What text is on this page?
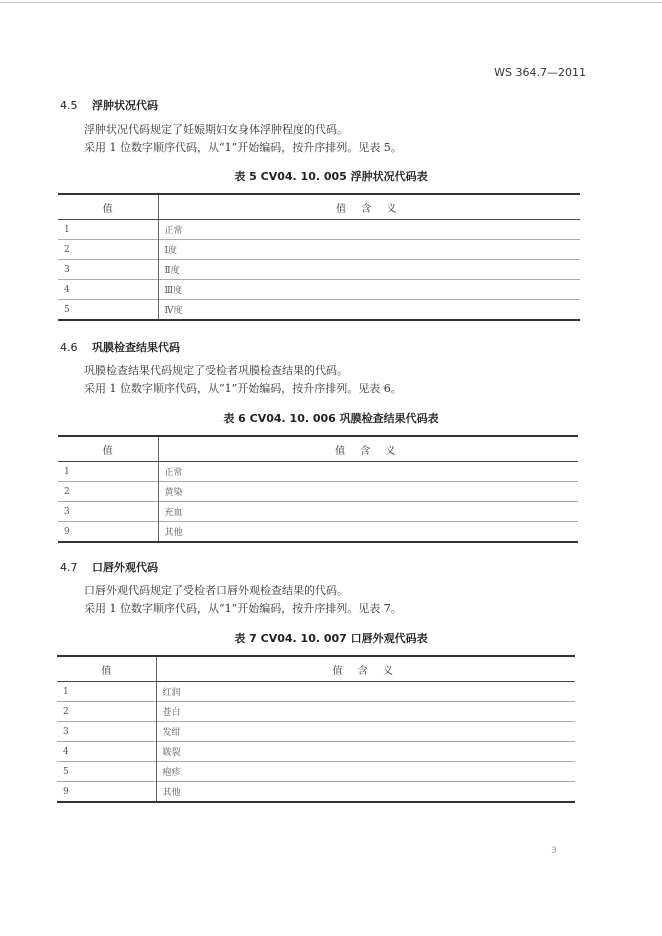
WS 364.7—2011
4.5 浮肿状况代码
浮肿状况代码规定了妊娠期妇女身体浮肿程度的代码。
采用 1 位数字顺序代码，从“1”开始编码，按升序排列。见表 5。
表 5 CV04. 10. 005 浮肿状况代码表
值	值 含 义
1	正常
2	Ⅰ度
3	Ⅱ度
4	Ⅲ度
5	Ⅳ度
4.6 巩膜检查结果代码
巩膜检查结果代码规定了受检者巩膜检查结果的代码。
采用 1 位数字顺序代码，从“1”开始编码，按升序排列。见表 6。
表 6 CV04. 10. 006 巩膜检查结果代码表
值	值 含 义
1	正常
2	黄染
3	充血
9	其他
4.7 口唇外观代码
口唇外观代码规定了受检者口唇外观检查结果的代码。
采用 1 位数字顺序代码，从“1”开始编码，按升序排列。见表 7。
表 7 CV04. 10. 007 口唇外观代码表
值	值 含 义
1	红润
2	苍白
3	发绀
4	皲裂
5	疱疹
9	其他
3
